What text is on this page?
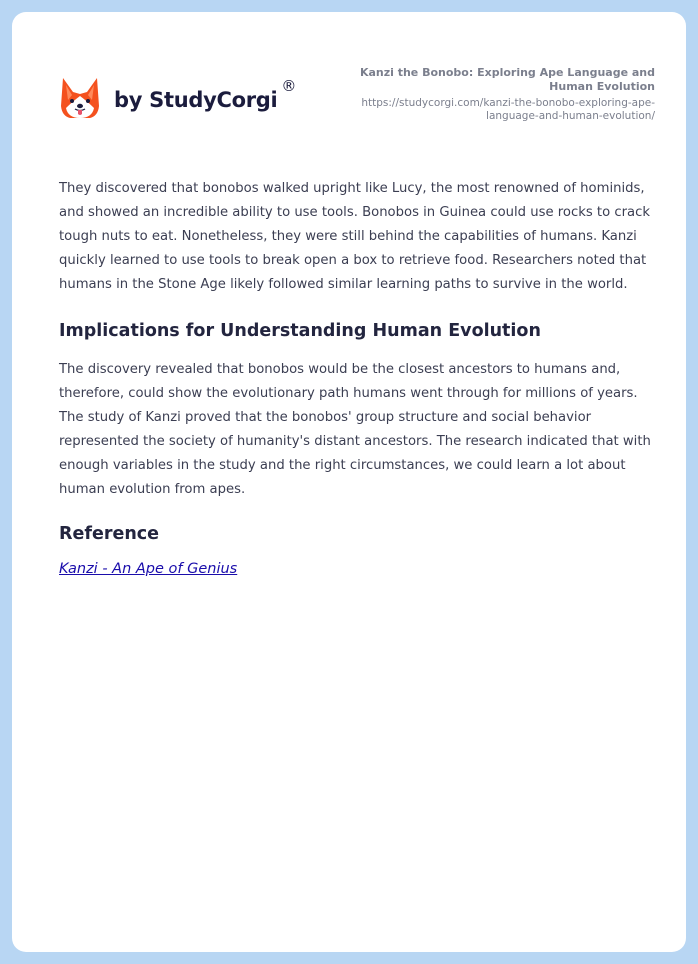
by StudyCorgi
®
Kanzi the Bonobo: Exploring Ape Language and Human Evolution
https://studycorgi.com/kanzi-the-bonobo-exploring-ape-language-and-human-evolution/

They discovered that bonobos walked upright like Lucy, the most renowned of hominids, and showed an incredible ability to use tools. Bonobos in Guinea could use rocks to crack tough nuts to eat. Nonetheless, they were still behind the capabilities of humans. Kanzi quickly learned to use tools to break open a box to retrieve food. Researchers noted that humans in the Stone Age likely followed similar learning paths to survive in the world.

Implications for Understanding Human Evolution

The discovery revealed that bonobos would be the closest ancestors to humans and, therefore, could show the evolutionary path humans went through for millions of years. The study of Kanzi proved that the bonobos' group structure and social behavior represented the society of humanity's distant ancestors. The research indicated that with enough variables in the study and the right circumstances, we could learn a lot about human evolution from apes.

Reference
Kanzi - An Ape of Genius
